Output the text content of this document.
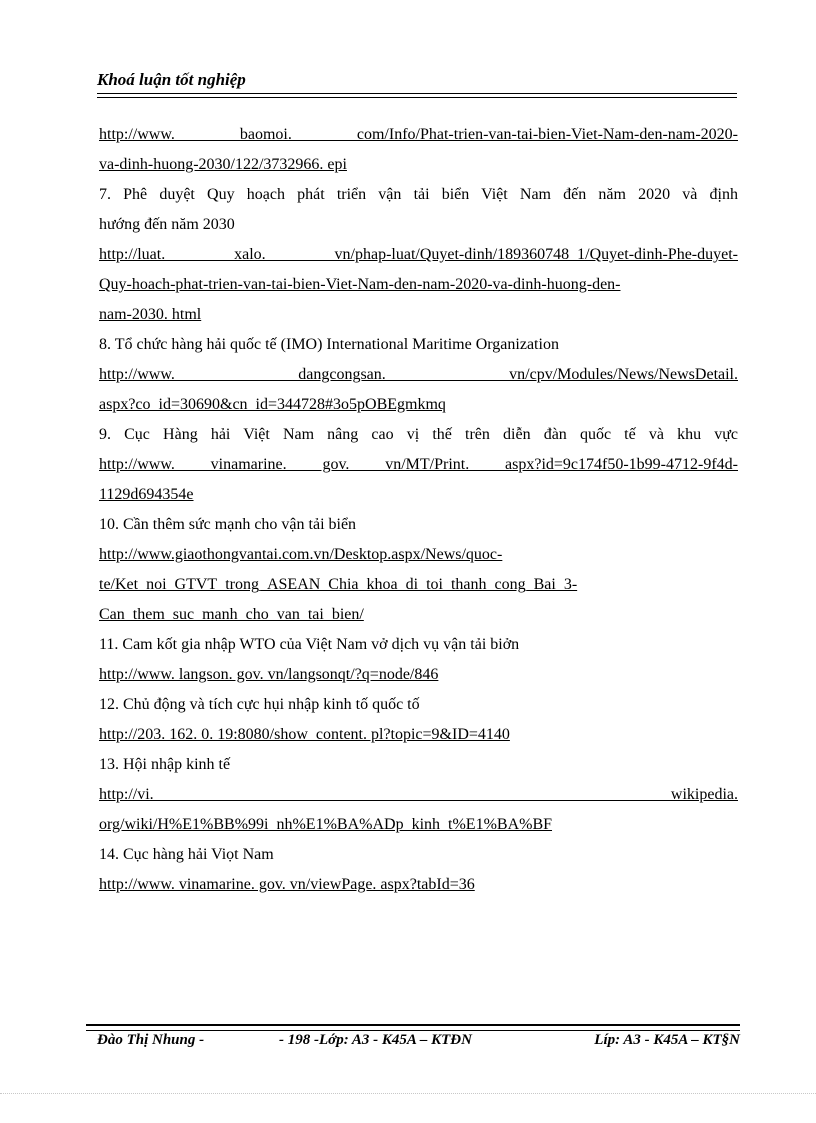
Khoá luận tốt nghiệp
http://www. baomoi. com/Info/Phat-trien-van-tai-bien-Viet-Nam-den-nam-2020-
va-dinh-huong-2030/122/3732966. epi
7. Phê duyệt Quy hoạch phát triển vận tải biển Việt Nam đến năm 2020 và định
hướng đến năm 2030
http://luat. xalo. vn/phap-luat/Quyet-dinh/189360748_1/Quyet-dinh-Phe-duyet-
Quy-hoach-phat-trien-van-tai-bien-Viet-Nam-den-nam-2020-va-dinh-huong-den-
nam-2030. html
8. Tổ chức hàng hải quốc tế (IMO) International Maritime Organization
http://www. dangcongsan. vn/cpv/Modules/News/NewsDetail.
aspx?co_id=30690&cn_id=344728#3o5pOBEgmkmq
9. Cục Hàng hải Việt Nam nâng cao vị thế trên diễn đàn quốc tế và khu vực
http://www. vinamarine. gov. vn/MT/Print. aspx?id=9c174f50-1b99-4712-9f4d-
1129d694354e
10. Cần thêm sức mạnh cho vận tải biển
http://www.giaothongvantai.com.vn/Desktop.aspx/News/quoc-
te/Ket_noi_GTVT_trong_ASEAN_Chia_khoa_di_toi_thanh_cong_Bai_3-
Can_them_suc_manh_cho_van_tai_bien/
11. Cam kốt gia nhập WTO của Việt Nam vở dịch vụ vận tải biởn
http://www. langson. gov. vn/langsonqt/?q=node/846
12. Chủ động và tích cực hụi nhập kinh tố quốc tố
http://203. 162. 0. 19:8080/show_content. pl?topic=9&ID=4140
13. Hội nhập kinh tế
http://vi. wikipedia.
org/wiki/H%E1%BB%99i_nh%E1%BA%ADp_kinh_t%E1%BA%BF
14. Cục hàng hải Viọt Nam
http://www. vinamarine. gov. vn/viewPage. aspx?tabId=36
Đào Thị Nhung -	- 198 -Lớp: A3 - K45A – KTĐN	Líp: A3 - K45A – KT§N
